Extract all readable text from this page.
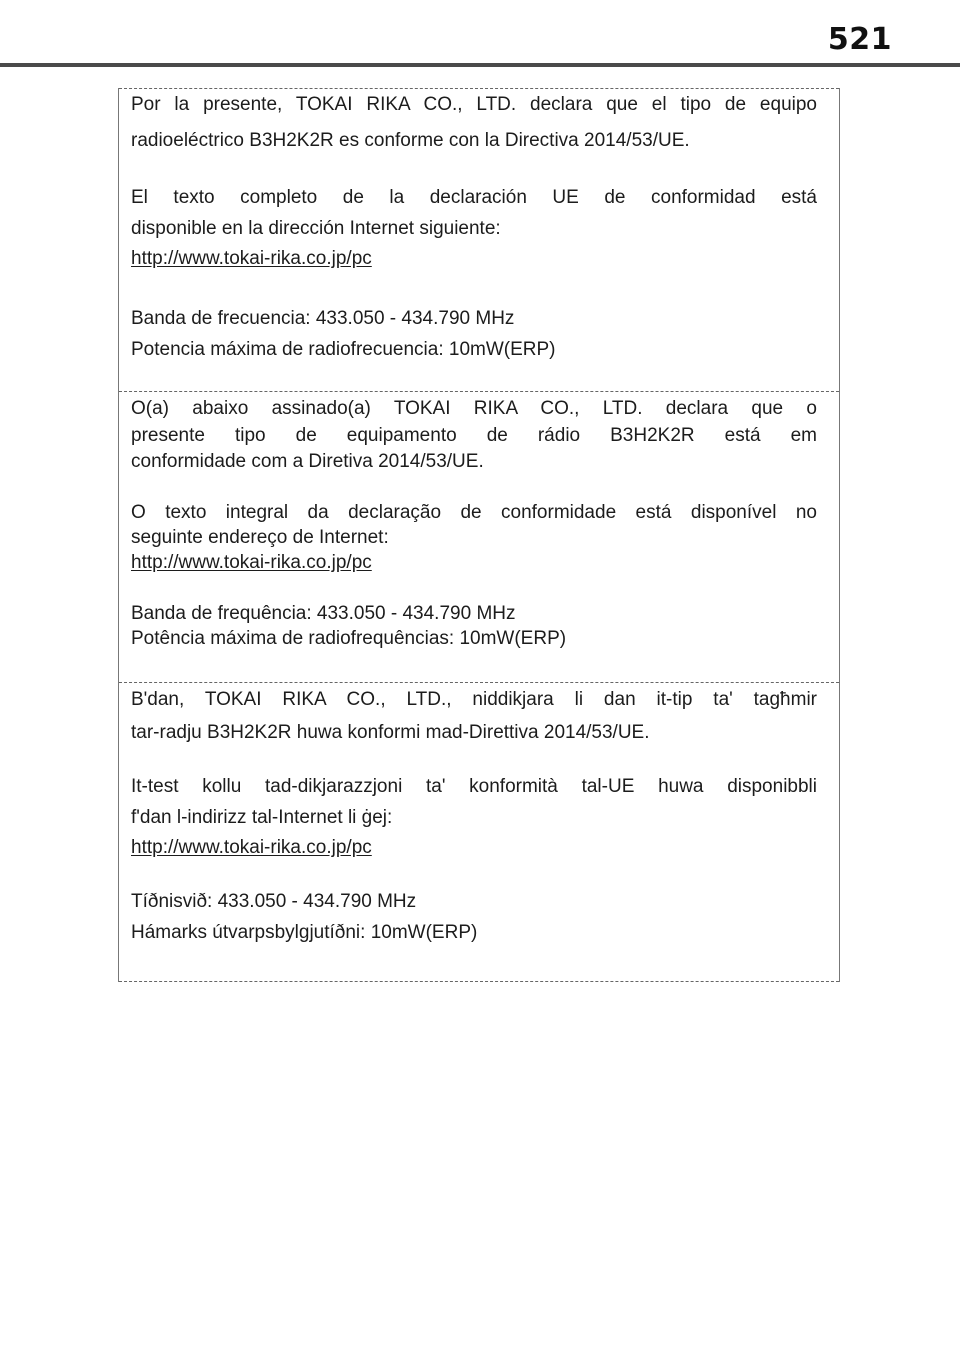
521
Por la presente, TOKAI RIKA CO., LTD. declara que el tipo de equipo
radioeléctrico B3H2K2R es conforme con la Directiva 2014/53/UE.
El texto completo de la declaración UE de conformidad está
disponible en la dirección Internet siguiente:
http://www.tokai-rika.co.jp/pc
Banda de frecuencia: 433.050 - 434.790 MHz
Potencia máxima de radiofrecuencia: 10mW(ERP)
O(a) abaixo assinado(a) TOKAI RIKA CO., LTD. declara que o
presente tipo de equipamento de rádio B3H2K2R está em
conformidade com a Diretiva 2014/53/UE.
O texto integral da declaração de conformidade está disponível no
seguinte endereço de Internet:
http://www.tokai-rika.co.jp/pc
Banda de frequência: 433.050 - 434.790 MHz
Potência máxima de radiofrequências: 10mW(ERP)
B'dan, TOKAI RIKA CO., LTD., niddikjara li dan it-tip ta' tagħmir
tar-radju B3H2K2R huwa konformi mad-Direttiva 2014/53/UE.
It-test kollu tad-dikjarazzjoni ta' konformità tal-UE huwa disponibbli
f'dan l-indirizz tal-Internet li ġej:
http://www.tokai-rika.co.jp/pc
Tíðnisvið: 433.050 - 434.790 MHz
Hámarks útvarpsbylgjutíðni: 10mW(ERP)
